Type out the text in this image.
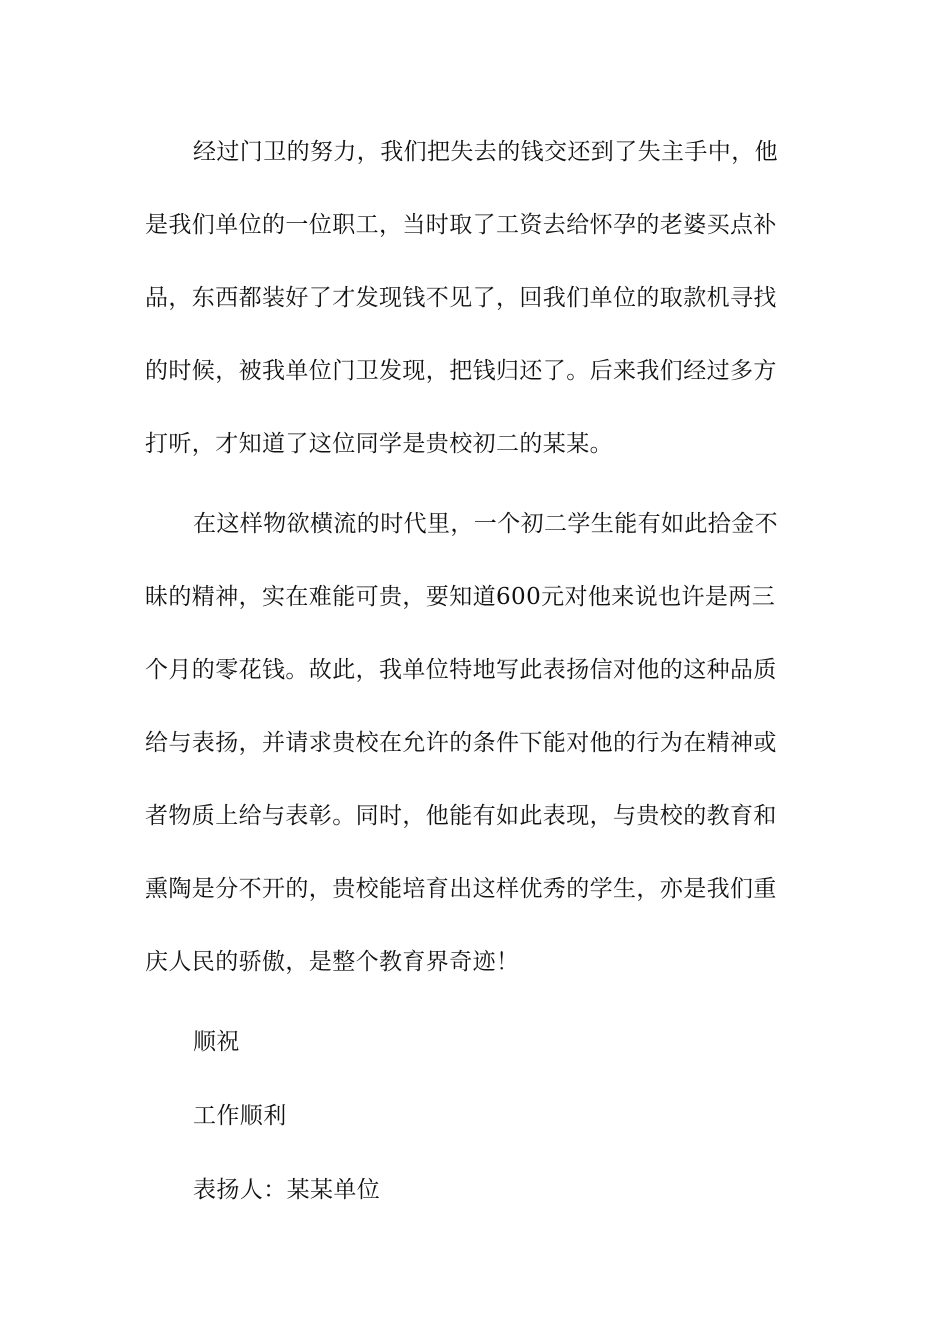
经过门卫的努力，我们把失去的钱交还到了失主手中，他
是我们单位的一位职工，当时取了工资去给怀孕的老婆买点补
品，东西都装好了才发现钱不见了，回我们单位的取款机寻找
的时候，被我单位门卫发现，把钱归还了。后来我们经过多方
打听，才知道了这位同学是贵校初二的某某。
在这样物欲横流的时代里，一个初二学生能有如此拾金不
昧的精神，实在难能可贵，要知道600元对他来说也许是两三
个月的零花钱。故此，我单位特地写此表扬信对他的这种品质
给与表扬，并请求贵校在允许的条件下能对他的行为在精神或
者物质上给与表彰。同时，他能有如此表现，与贵校的教育和
熏陶是分不开的，贵校能培育出这样优秀的学生，亦是我们重
庆人民的骄傲，是整个教育界奇迹！
顺祝
工作顺利
表扬人：某某单位
